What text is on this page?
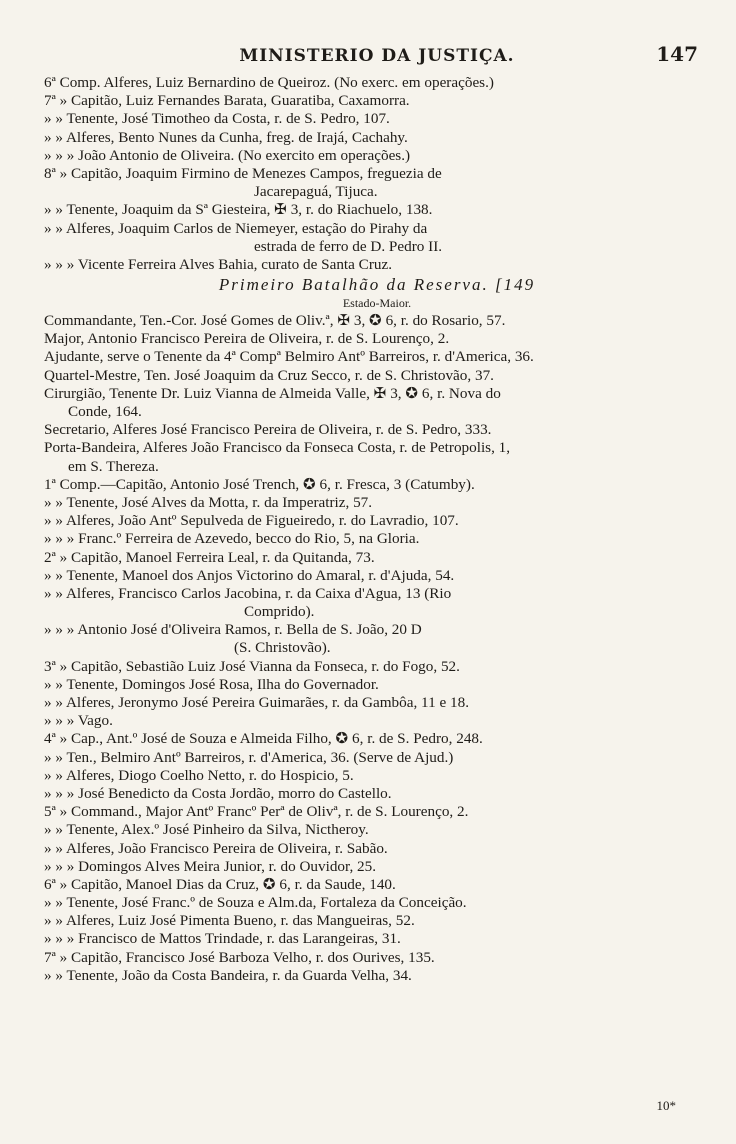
MINISTERIO DA JUSTIÇA.	147
6ª Comp. Alferes, Luiz Bernardino de Queiroz. (No exerc. em operações.)
7ª » Capitão, Luiz Fernandes Barata, Guaratiba, Caxamorra.
» » Tenente, José Timotheo da Costa, r. de S. Pedro, 107.
» » Alferes, Bento Nunes da Cunha, freg. de Irajá, Cachahy.
» » » João Antonio de Oliveira. (No exercito em operações.)
8ª » Capitão, Joaquim Firmino de Menezes Campos, freguezia de
Jacarepaguá, Tijuca.
» » Tenente, Joaquim da Sª Giesteira, ✠ 3, r. do Riachuelo, 138.
» » Alferes, Joaquim Carlos de Niemeyer, estação do Pirahy da
estrada de ferro de D. Pedro II.
» » » Vicente Ferreira Alves Bahia, curato de Santa Cruz.
Primeiro Batalhão da Reserva. [149
Estado-Maior.
Commandante, Ten.-Cor. José Gomes de Oliv.ª, ✠ 3, ✪ 6, r. do Rosario, 57.
Major, Antonio Francisco Pereira de Oliveira, r. de S. Lourenço, 2.
Ajudante, serve o Tenente da 4ª Compª Belmiro Antº Barreiros, r. d'America, 36.
Quartel-Mestre, Ten. José Joaquim da Cruz Secco, r. de S. Christovão, 37.
Cirurgião, Tenente Dr. Luiz Vianna de Almeida Valle, ✠ 3, ✪ 6, r. Nova do
Conde, 164.
Secretario, Alferes José Francisco Pereira de Oliveira, r. de S. Pedro, 333.
Porta-Bandeira, Alferes João Francisco da Fonseca Costa, r. de Petropolis, 1,
em S. Thereza.
1ª Comp.—Capitão, Antonio José Trench, ✪ 6, r. Fresca, 3 (Catumby).
» » Tenente, José Alves da Motta, r. da Imperatriz, 57.
» » Alferes, João Antº Sepulveda de Figueiredo, r. do Lavradio, 107.
» » » Franc.º Ferreira de Azevedo, becco do Rio, 5, na Gloria.
2ª » Capitão, Manoel Ferreira Leal, r. da Quitanda, 73.
» » Tenente, Manoel dos Anjos Victorino do Amaral, r. d'Ajuda, 54.
» » Alferes, Francisco Carlos Jacobina, r. da Caixa d'Agua, 13 (Rio
Comprido).
» » » Antonio José d'Oliveira Ramos, r. Bella de S. João, 20 D
(S. Christovão).
3ª » Capitão, Sebastião Luiz José Vianna da Fonseca, r. do Fogo, 52.
» » Tenente, Domingos José Rosa, Ilha do Governador.
» » Alferes, Jeronymo José Pereira Guimarães, r. da Gambôa, 11 e 18.
» » » Vago.
4ª » Cap., Ant.º José de Souza e Almeida Filho, ✪ 6, r. de S. Pedro, 248.
» » Ten., Belmiro Antº Barreiros, r. d'America, 36. (Serve de Ajud.)
» » Alferes, Diogo Coelho Netto, r. do Hospicio, 5.
» » » José Benedicto da Costa Jordão, morro do Castello.
5ª » Command., Major Antº Francº Perª de Olivª, r. de S. Lourenço, 2.
» » Tenente, Alex.º José Pinheiro da Silva, Nictheroy.
» » Alferes, João Francisco Pereira de Oliveira, r. Sabão.
» » » Domingos Alves Meira Junior, r. do Ouvidor, 25.
6ª » Capitão, Manoel Dias da Cruz, ✪ 6, r. da Saude, 140.
» » Tenente, José Franc.º de Souza e Alm.da, Fortaleza da Conceição.
» » Alferes, Luiz José Pimenta Bueno, r. das Mangueiras, 52.
» » » Francisco de Mattos Trindade, r. das Larangeiras, 31.
7ª » Capitão, Francisco José Barboza Velho, r. dos Ourives, 135.
» » Tenente, João da Costa Bandeira, r. da Guarda Velha, 34.
10*
